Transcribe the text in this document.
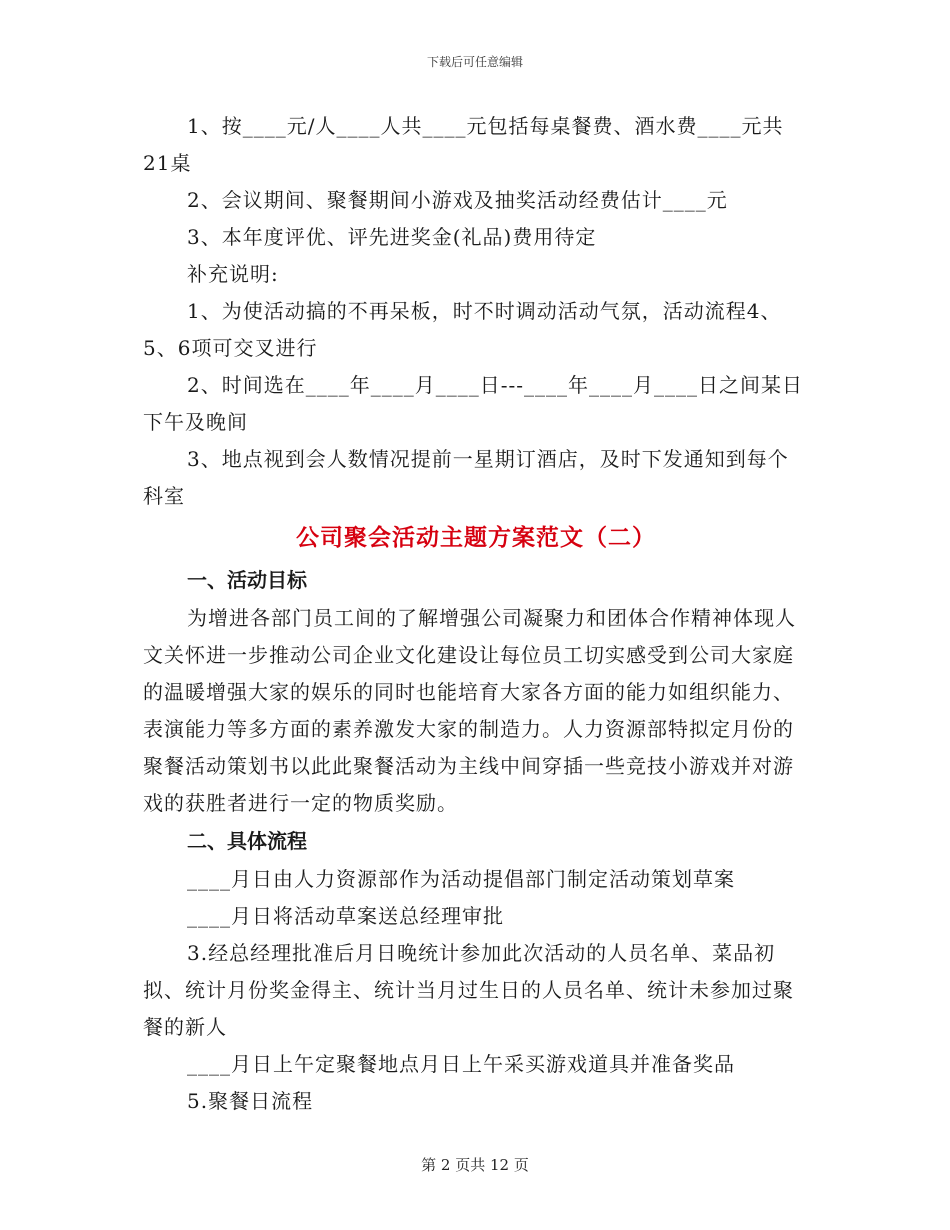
下载后可任意编辑

1、按____元/人____人共____元包括每桌餐费、酒水费____元共21桌

2、会议期间、聚餐期间小游戏及抽奖活动经费估计____元

3、本年度评优、评先进奖金(礼品)费用待定

补充说明:

1、为使活动搞的不再呆板，时不时调动活动气氛，活动流程4、5、6项可交叉进行

2、时间选在____年____月____日---____年____月____日之间某日下午及晚间

3、地点视到会人数情况提前一星期订酒店，及时下发通知到每个科室

公司聚会活动主题方案范文（二）

一、活动目标

为增进各部门员工间的了解增强公司凝聚力和团体合作精神体现人文关怀进一步推动公司企业文化建设让每位员工切实感受到公司大家庭的温暖增强大家的娱乐的同时也能培育大家各方面的能力如组织能力、表演能力等多方面的素养激发大家的制造力。人力资源部特拟定月份的聚餐活动策划书以此此聚餐活动为主线中间穿插一些竞技小游戏并对游戏的获胜者进行一定的物质奖励。

二、具体流程

____月日由人力资源部作为活动提倡部门制定活动策划草案

____月日将活动草案送总经理审批

3.经总经理批准后月日晚统计参加此次活动的人员名单、菜品初拟、统计月份奖金得主、统计当月过生日的人员名单、统计未参加过聚餐的新人

____月日上午定聚餐地点月日上午采买游戏道具并准备奖品

5.聚餐日流程

第 2 页共 12 页
